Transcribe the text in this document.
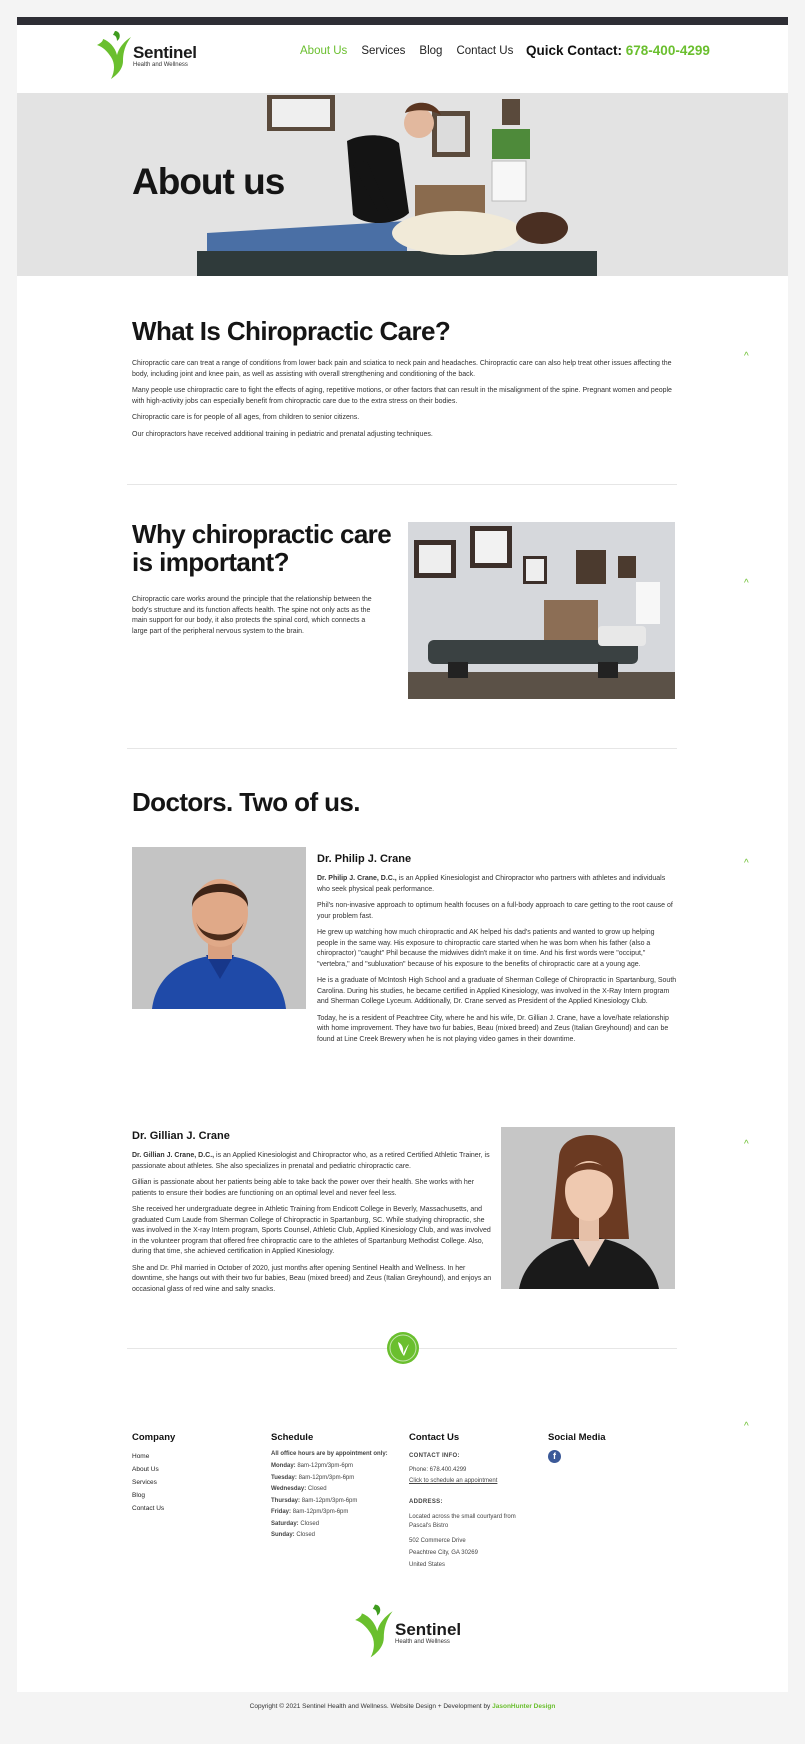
Sentinel
Health and Wellness
About Us Services Blog Contact Us Quick Contact: 678-400-4299
About us
What Is Chiropractic Care?

Chiropractic care can treat a range of conditions from lower back pain and sciatica to neck pain and headaches. Chiropractic care can also help treat other issues affecting the body, including joint and knee pain, as well as assisting with overall strengthening and conditioning of the back.

Many people use chiropractic care to fight the effects of aging, repetitive motions, or other factors that can result in the misalignment of the spine. Pregnant women and people with high-activity jobs can especially benefit from chiropractic care due to the extra stress on their bodies.

Chiropractic care is for people of all ages, from children to senior citizens.

Our chiropractors have received additional training in pediatric and prenatal adjusting techniques.

^
Why chiropractic care
is important?

Chiropractic care works around the principle that the relationship between the body's structure and its function affects health. The spine not only acts as the main support for our body, it also protects the spinal cord, which connects a large part of the peripheral nervous system to the brain.

^
Doctors. Two of us.
Dr. Philip J. Crane

Dr. Philip J. Crane, D.C., is an Applied Kinesiologist and Chiropractor who partners with athletes and individuals who seek physical peak performance.

Phil's non-invasive approach to optimum health focuses on a full-body approach to care getting to the root cause of your problem fast.

He grew up watching how much chiropractic and AK helped his dad's patients and wanted to grow up helping people in the same way. His exposure to chiropractic care started when he was born when his father (also a chiropractor) "caught" Phil because the midwives didn't make it on time. And his first words were "occiput," "vertebra," and "subluxation" because of his exposure to the benefits of chiropractic care at a young age.

He is a graduate of McIntosh High School and a graduate of Sherman College of Chiropractic in Spartanburg, South Carolina. During his studies, he became certified in Applied Kinesiology, was involved in the X-Ray Intern program and Sherman College Lyceum. Additionally, Dr. Crane served as President of the Applied Kinesiology Club.

Today, he is a resident of Peachtree City, where he and his wife, Dr. Gillian J. Crane, have a love/hate relationship with home improvement. They have two fur babies, Beau (mixed breed) and Zeus (Italian Greyhound) and can be found at Line Creek Brewery when he is not playing video games in their downtime.

^
Dr. Gillian J. Crane

Dr. Gillian J. Crane, D.C., is an Applied Kinesiologist and Chiropractor who, as a retired Certified Athletic Trainer, is passionate about athletes. She also specializes in prenatal and pediatric chiropractic care.

Gillian is passionate about her patients being able to take back the power over their health. She works with her patients to ensure their bodies are functioning on an optimal level and never feel less.

She received her undergraduate degree in Athletic Training from Endicott College in Beverly, Massachusetts, and graduated Cum Laude from Sherman College of Chiropractic in Spartanburg, SC. While studying chiropractic, she was involved in the X-ray Intern program, Sports Counsel, Athletic Club, Applied Kinesiology Club, and was involved in the volunteer program that offered free chiropractic care to the athletes of Spartanburg Methodist College. Also, during that time, she achieved certification in Applied Kinesiology.

She and Dr. Phil married in October of 2020, just months after opening Sentinel Health and Wellness. In her downtime, she hangs out with their two fur babies, Beau (mixed breed) and Zeus (Italian Greyhound), and enjoys an occasional glass of red wine and salty snacks.

^
^
Company
Home
About Us
Services
Blog
Contact Us
Schedule
All office hours are by appointment only:
Monday: 8am-12pm/3pm-6pm
Tuesday: 8am-12pm/3pm-6pm
Wednesday: Closed
Thursday: 8am-12pm/3pm-6pm
Friday: 8am-12pm/3pm-6pm
Saturday: Closed
Sunday: Closed
Contact Us
CONTACT INFO:
Phone: 678.400.4299
Click to schedule an appointment
ADDRESS:
Located across the small courtyard from Pascal's Bistro
502 Commerce Drive
Peachtree City, GA 30269
United States
Social Media
f
Sentinel
Health and Wellness
Copyright © 2021 Sentinel Health and Wellness. Website Design + Development by JasonHunter Design
